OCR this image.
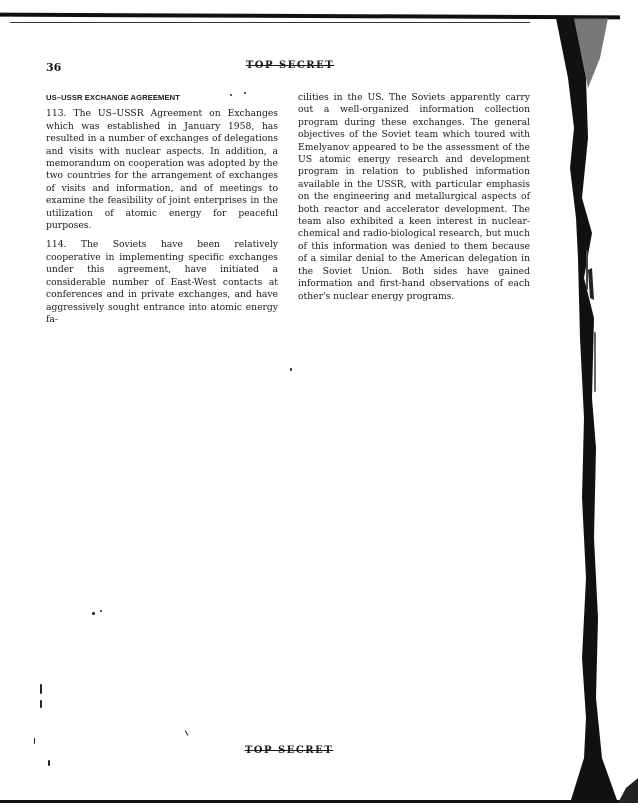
36	TOP SECRET
US–USSR EXCHANGE AGREEMENT

113. The US–USSR Agreement on Exchanges which was established in January 1958, has resulted in a number of exchanges of delegations and visits with nuclear aspects. In addition, a memorandum on cooperation was adopted by the two countries for the arrangement of exchanges of visits and information, and of meetings to examine the feasibility of joint enterprises in the utilization of atomic energy for peaceful purposes.

114. The Soviets have been relatively cooperative in implementing specific exchanges under this agreement, have initiated a considerable number of East-West contacts at conferences and in private exchanges, and have aggressively sought entrance into atomic energy fa-

cilities in the US. The Soviets apparently carry out a well-organized information collection program during these exchanges. The general objectives of the Soviet team which toured with Emelyanov appeared to be the assessment of the US atomic energy research and development program in relation to published information available in the USSR, with particular emphasis on the engineering and metallurgical aspects of both reactor and accelerator development. The team also exhibited a keen interest in nuclear-chemical and radio-biological research, but much of this information was denied to them because of a similar denial to the American delegation in the Soviet Union. Both sides have gained information and first-hand observations of each other's nuclear energy programs.

TOP SECRET
